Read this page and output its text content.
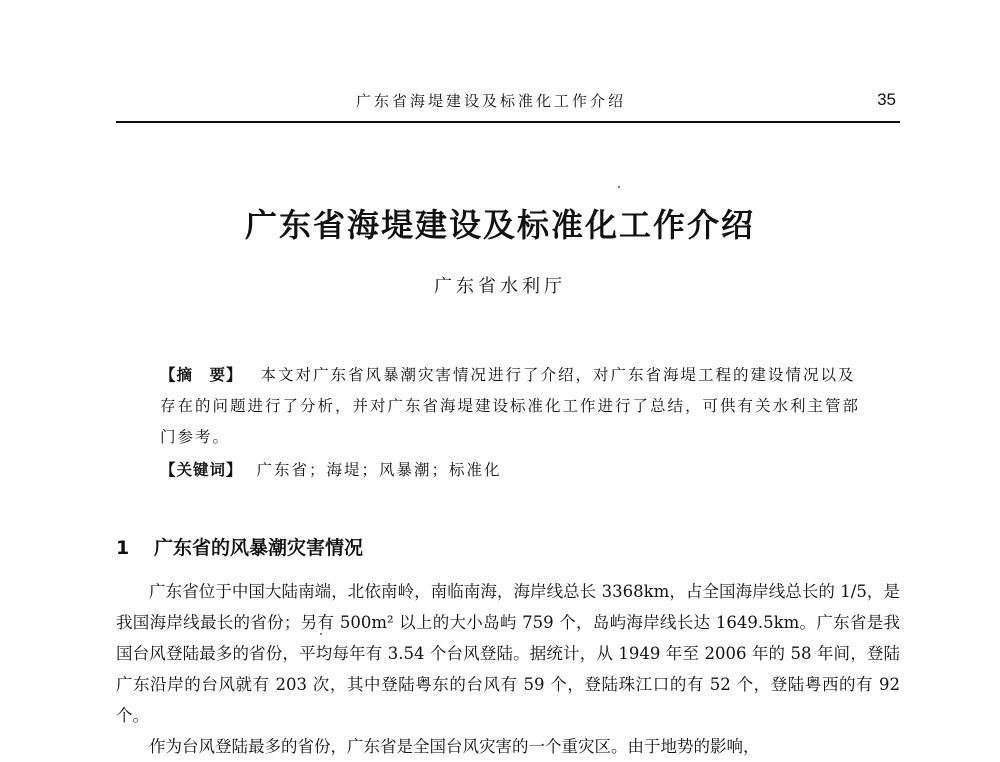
广东省海堤建设及标准化工作介绍	35
广东省海堤建设及标准化工作介绍
广东省水利厅
【摘　要】 本文对广东省风暴潮灾害情况进行了介绍，对广东省海堤工程的建设情况以及存在的问题进行了分析，并对广东省海堤建设标准化工作进行了总结，可供有关水利主管部门参考。
【关键词】 广东省；海堤；风暴潮；标准化
1 广东省的风暴潮灾害情况

广东省位于中国大陆南端，北依南岭，南临南海，海岸线总长 3368km，占全国海岸线总长的 1/5，是我国海岸线最长的省份；另有 500m² 以上的大小岛屿 759 个，岛屿海岸线长达 1649.5km。广东省是我国台风登陆最多的省份，平均每年有 3.54 个台风登陆。据统计，从 1949 年至 2006 年的 58 年间，登陆广东沿岸的台风就有 203 次，其中登陆粤东的台风有 59 个，登陆珠江口的有 52 个，登陆粤西的有 92 个。

作为台风登陆最多的省份，广东省是全国台风灾害的一个重灾区。由于地势的影响，
